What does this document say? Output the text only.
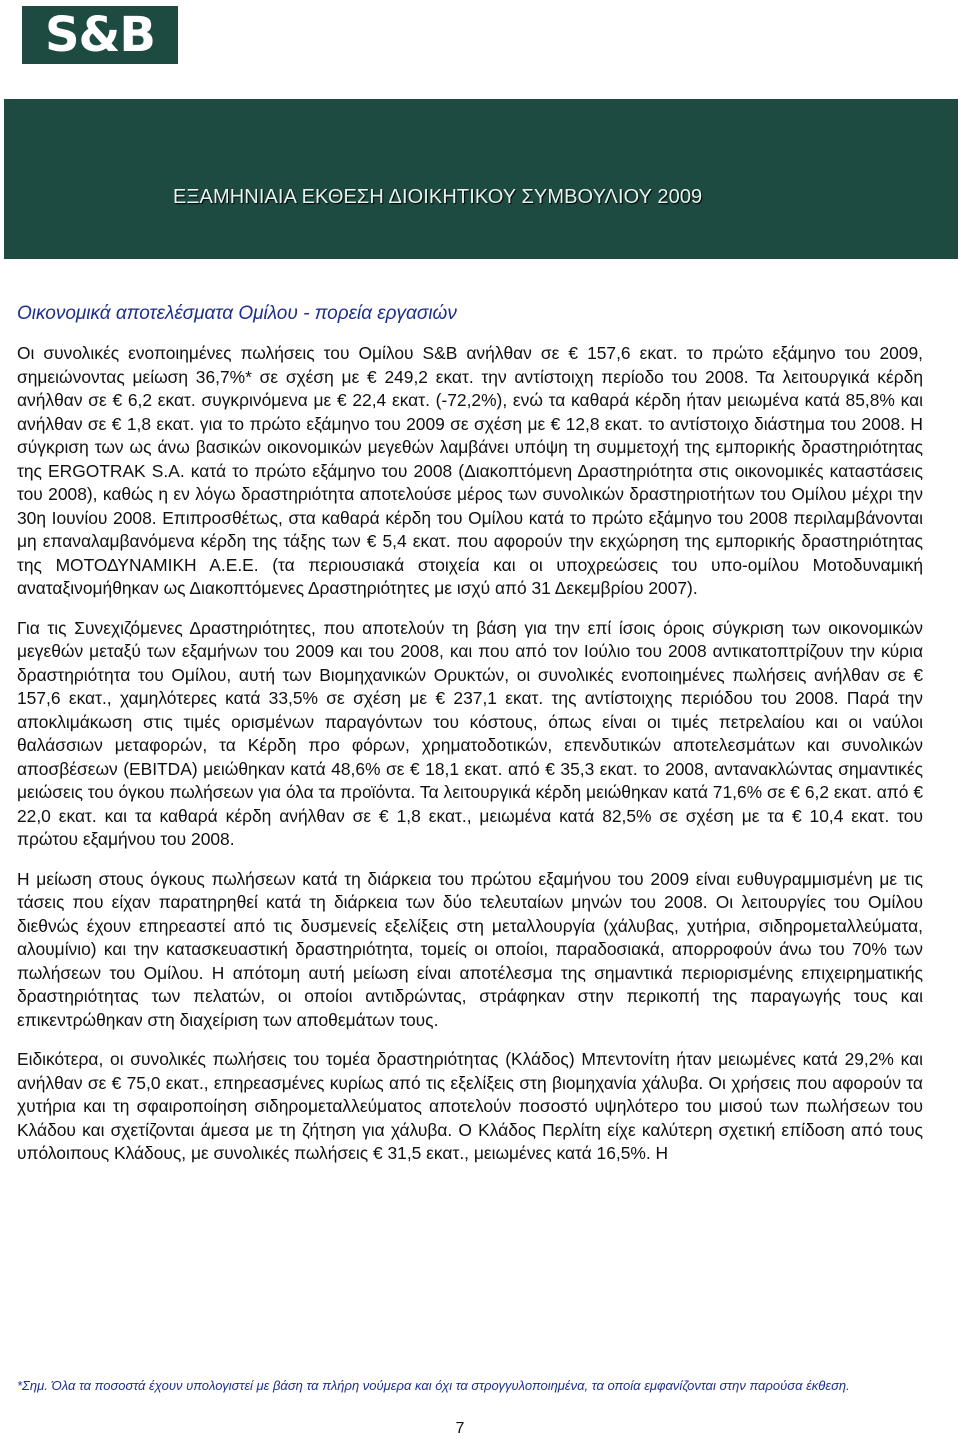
S&B
ΕΞΑΜΗΝΙΑΙΑ ΕΚΘΕΣΗ ΔΙΟΙΚΗΤΙΚΟΥ ΣΥΜΒΟΥΛΙΟΥ 2009
Οικονομικά αποτελέσματα Ομίλου - πορεία εργασιών

Οι συνολικές ενοποιημένες πωλήσεις του Ομίλου S&B ανήλθαν σε € 157,6 εκατ. το πρώτο εξάμηνο του 2009, σημειώνοντας μείωση 36,7%* σε σχέση με € 249,2 εκατ. την αντίστοιχη περίοδο του 2008. Τα λειτουργικά κέρδη ανήλθαν σε € 6,2 εκατ. συγκρινόμενα με € 22,4 εκατ. (-72,2%), ενώ τα καθαρά κέρδη ήταν μειωμένα κατά 85,8% και ανήλθαν σε € 1,8 εκατ. για το πρώτο εξάμηνο του 2009 σε σχέση με € 12,8 εκατ. το αντίστοιχο διάστημα του 2008. Η σύγκριση των ως άνω βασικών οικονομικών μεγεθών λαμβάνει υπόψη τη συμμετοχή της εμπορικής δραστηριότητας της ERGOTRAK S.A. κατά το πρώτο εξάμηνο του 2008 (Διακοπτόμενη Δραστηριότητα στις οικονομικές καταστάσεις του 2008), καθώς η εν λόγω δραστηριότητα αποτελούσε μέρος των συνολικών δραστηριοτήτων του Ομίλου μέχρι την 30η Ιουνίου 2008. Επιπροσθέτως, στα καθαρά κέρδη του Ομίλου κατά το πρώτο εξάμηνο του 2008 περιλαμβάνονται μη επαναλαμβανόμενα κέρδη της τάξης των € 5,4 εκατ. που αφορούν την εκχώρηση της εμπορικής δραστηριότητας της ΜΟΤΟΔΥΝΑΜΙΚΗ Α.Ε.Ε. (τα περιουσιακά στοιχεία και οι υποχρεώσεις του υπο-ομίλου Μοτοδυναμική αναταξινομήθηκαν ως Διακοπτόμενες Δραστηριότητες με ισχύ από 31 Δεκεμβρίου 2007).

Για τις Συνεχιζόμενες Δραστηριότητες, που αποτελούν τη βάση για την επί ίσοις όροις σύγκριση των οικονομικών μεγεθών μεταξύ των εξαμήνων του 2009 και του 2008, και που από τον Ιούλιο του 2008 αντικατοπτρίζουν την κύρια δραστηριότητα του Ομίλου, αυτή των Βιομηχανικών Ορυκτών, οι συνολικές ενοποιημένες πωλήσεις ανήλθαν σε € 157,6 εκατ., χαμηλότερες κατά 33,5% σε σχέση με € 237,1 εκατ. της αντίστοιχης περιόδου του 2008. Παρά την αποκλιμάκωση στις τιμές ορισμένων παραγόντων του κόστους, όπως είναι οι τιμές πετρελαίου και οι ναύλοι θαλάσσιων μεταφορών, τα Κέρδη προ φόρων, χρηματοδοτικών, επενδυτικών αποτελεσμάτων και συνολικών αποσβέσεων (EBITDA) μειώθηκαν κατά 48,6% σε € 18,1 εκατ. από € 35,3 εκατ. το 2008, αντανακλώντας σημαντικές μειώσεις του όγκου πωλήσεων για όλα τα προϊόντα. Τα λειτουργικά κέρδη μειώθηκαν κατά 71,6% σε € 6,2 εκατ. από € 22,0 εκατ. και τα καθαρά κέρδη ανήλθαν σε € 1,8 εκατ., μειωμένα κατά 82,5% σε σχέση με τα € 10,4 εκατ. του πρώτου εξαμήνου του 2008.

Η μείωση στους όγκους πωλήσεων κατά τη διάρκεια του πρώτου εξαμήνου του 2009 είναι ευθυγραμμισμένη με τις τάσεις που είχαν παρατηρηθεί κατά τη διάρκεια των δύο τελευταίων μηνών του 2008. Οι λειτουργίες του Ομίλου διεθνώς έχουν επηρεαστεί από τις δυσμενείς εξελίξεις στη μεταλλουργία (χάλυβας, χυτήρια, σιδηρομεταλλεύματα, αλουμίνιο) και την κατασκευαστική δραστηριότητα, τομείς οι οποίοι, παραδοσιακά, απορροφούν άνω του 70% των πωλήσεων του Ομίλου. Η απότομη αυτή μείωση είναι αποτέλεσμα της σημαντικά περιορισμένης επιχειρηματικής δραστηριότητας των πελατών, οι οποίοι αντιδρώντας, στράφηκαν στην περικοπή της παραγωγής τους και επικεντρώθηκαν στη διαχείριση των αποθεμάτων τους.

Ειδικότερα, οι συνολικές πωλήσεις του τομέα δραστηριότητας (Κλάδος) Μπεντονίτη ήταν μειωμένες κατά 29,2% και ανήλθαν σε € 75,0 εκατ., επηρεασμένες κυρίως από τις εξελίξεις στη βιομηχανία χάλυβα. Οι χρήσεις που αφορούν τα χυτήρια και τη σφαιροποίηση σιδηρομεταλλεύματος αποτελούν ποσοστό υψηλότερο του μισού των πωλήσεων του Κλάδου και σχετίζονται άμεσα με τη ζήτηση για χάλυβα. Ο Κλάδος Περλίτη είχε καλύτερη σχετική επίδοση από τους υπόλοιπους Κλάδους, με συνολικές πωλήσεις € 31,5 εκατ., μειωμένες κατά 16,5%. Η

*Σημ. Όλα τα ποσοστά έχουν υπολογιστεί με βάση τα πλήρη νούμερα και όχι τα στρογγυλοποιημένα, τα οποία εμφανίζονται στην παρούσα έκθεση.

7
